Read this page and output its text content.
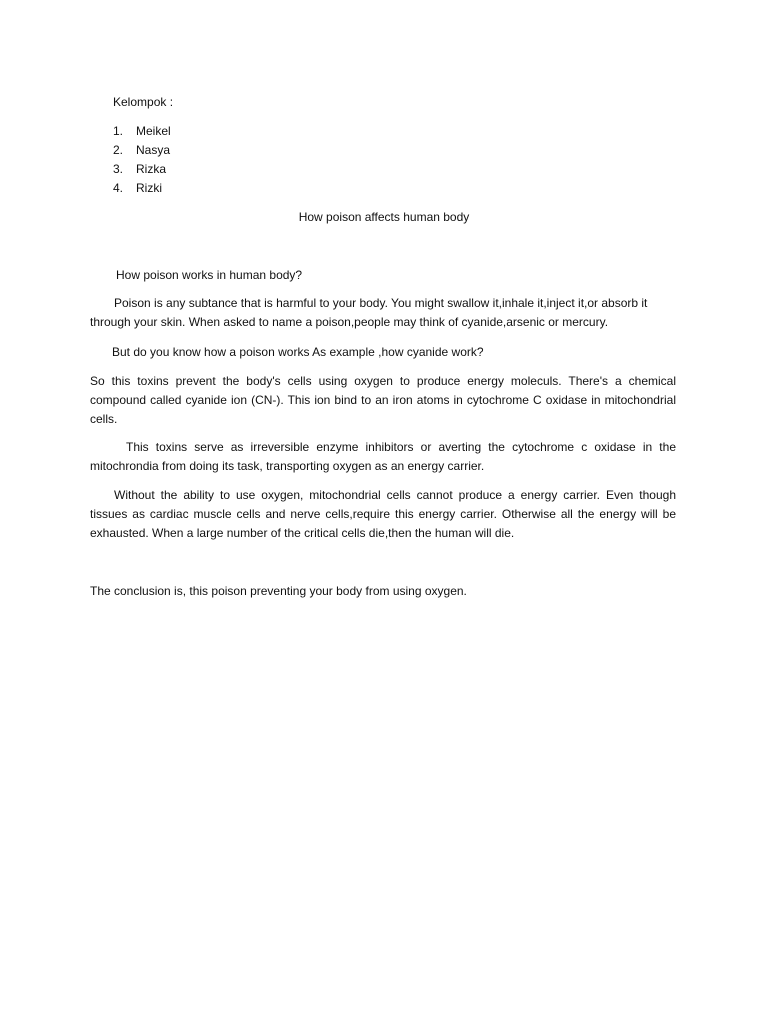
Kelompok :
1.	Meikel
2.	Nasya
3.	Rizka
4.	Rizki
How poison affects human body

How poison works in human body?

Poison is any subtance that is harmful to your body. You might swallow it,inhale it,inject it,or absorb it through your skin. When asked to name a poison,people may think of cyanide,arsenic or mercury.

But do you know how a poison works As example ,how cyanide work?

So this toxins prevent the body's cells using oxygen to produce energy moleculs. There's a chemical compound called cyanide ion (CN-). This ion bind to an iron atoms in cytochrome C oxidase in mitochondrial cells.

This toxins serve as irreversible enzyme inhibitors or averting the cytochrome c oxidase in the mitochrondia from doing its task, transporting oxygen as an energy carrier.

Without the ability to use oxygen, mitochondrial cells cannot produce a energy carrier. Even though tissues as cardiac muscle cells and nerve cells,require this energy carrier. Otherwise all the energy will be exhausted. When a large number of the critical cells die,then the human will die.

The conclusion is, this poison preventing your body from using oxygen.
